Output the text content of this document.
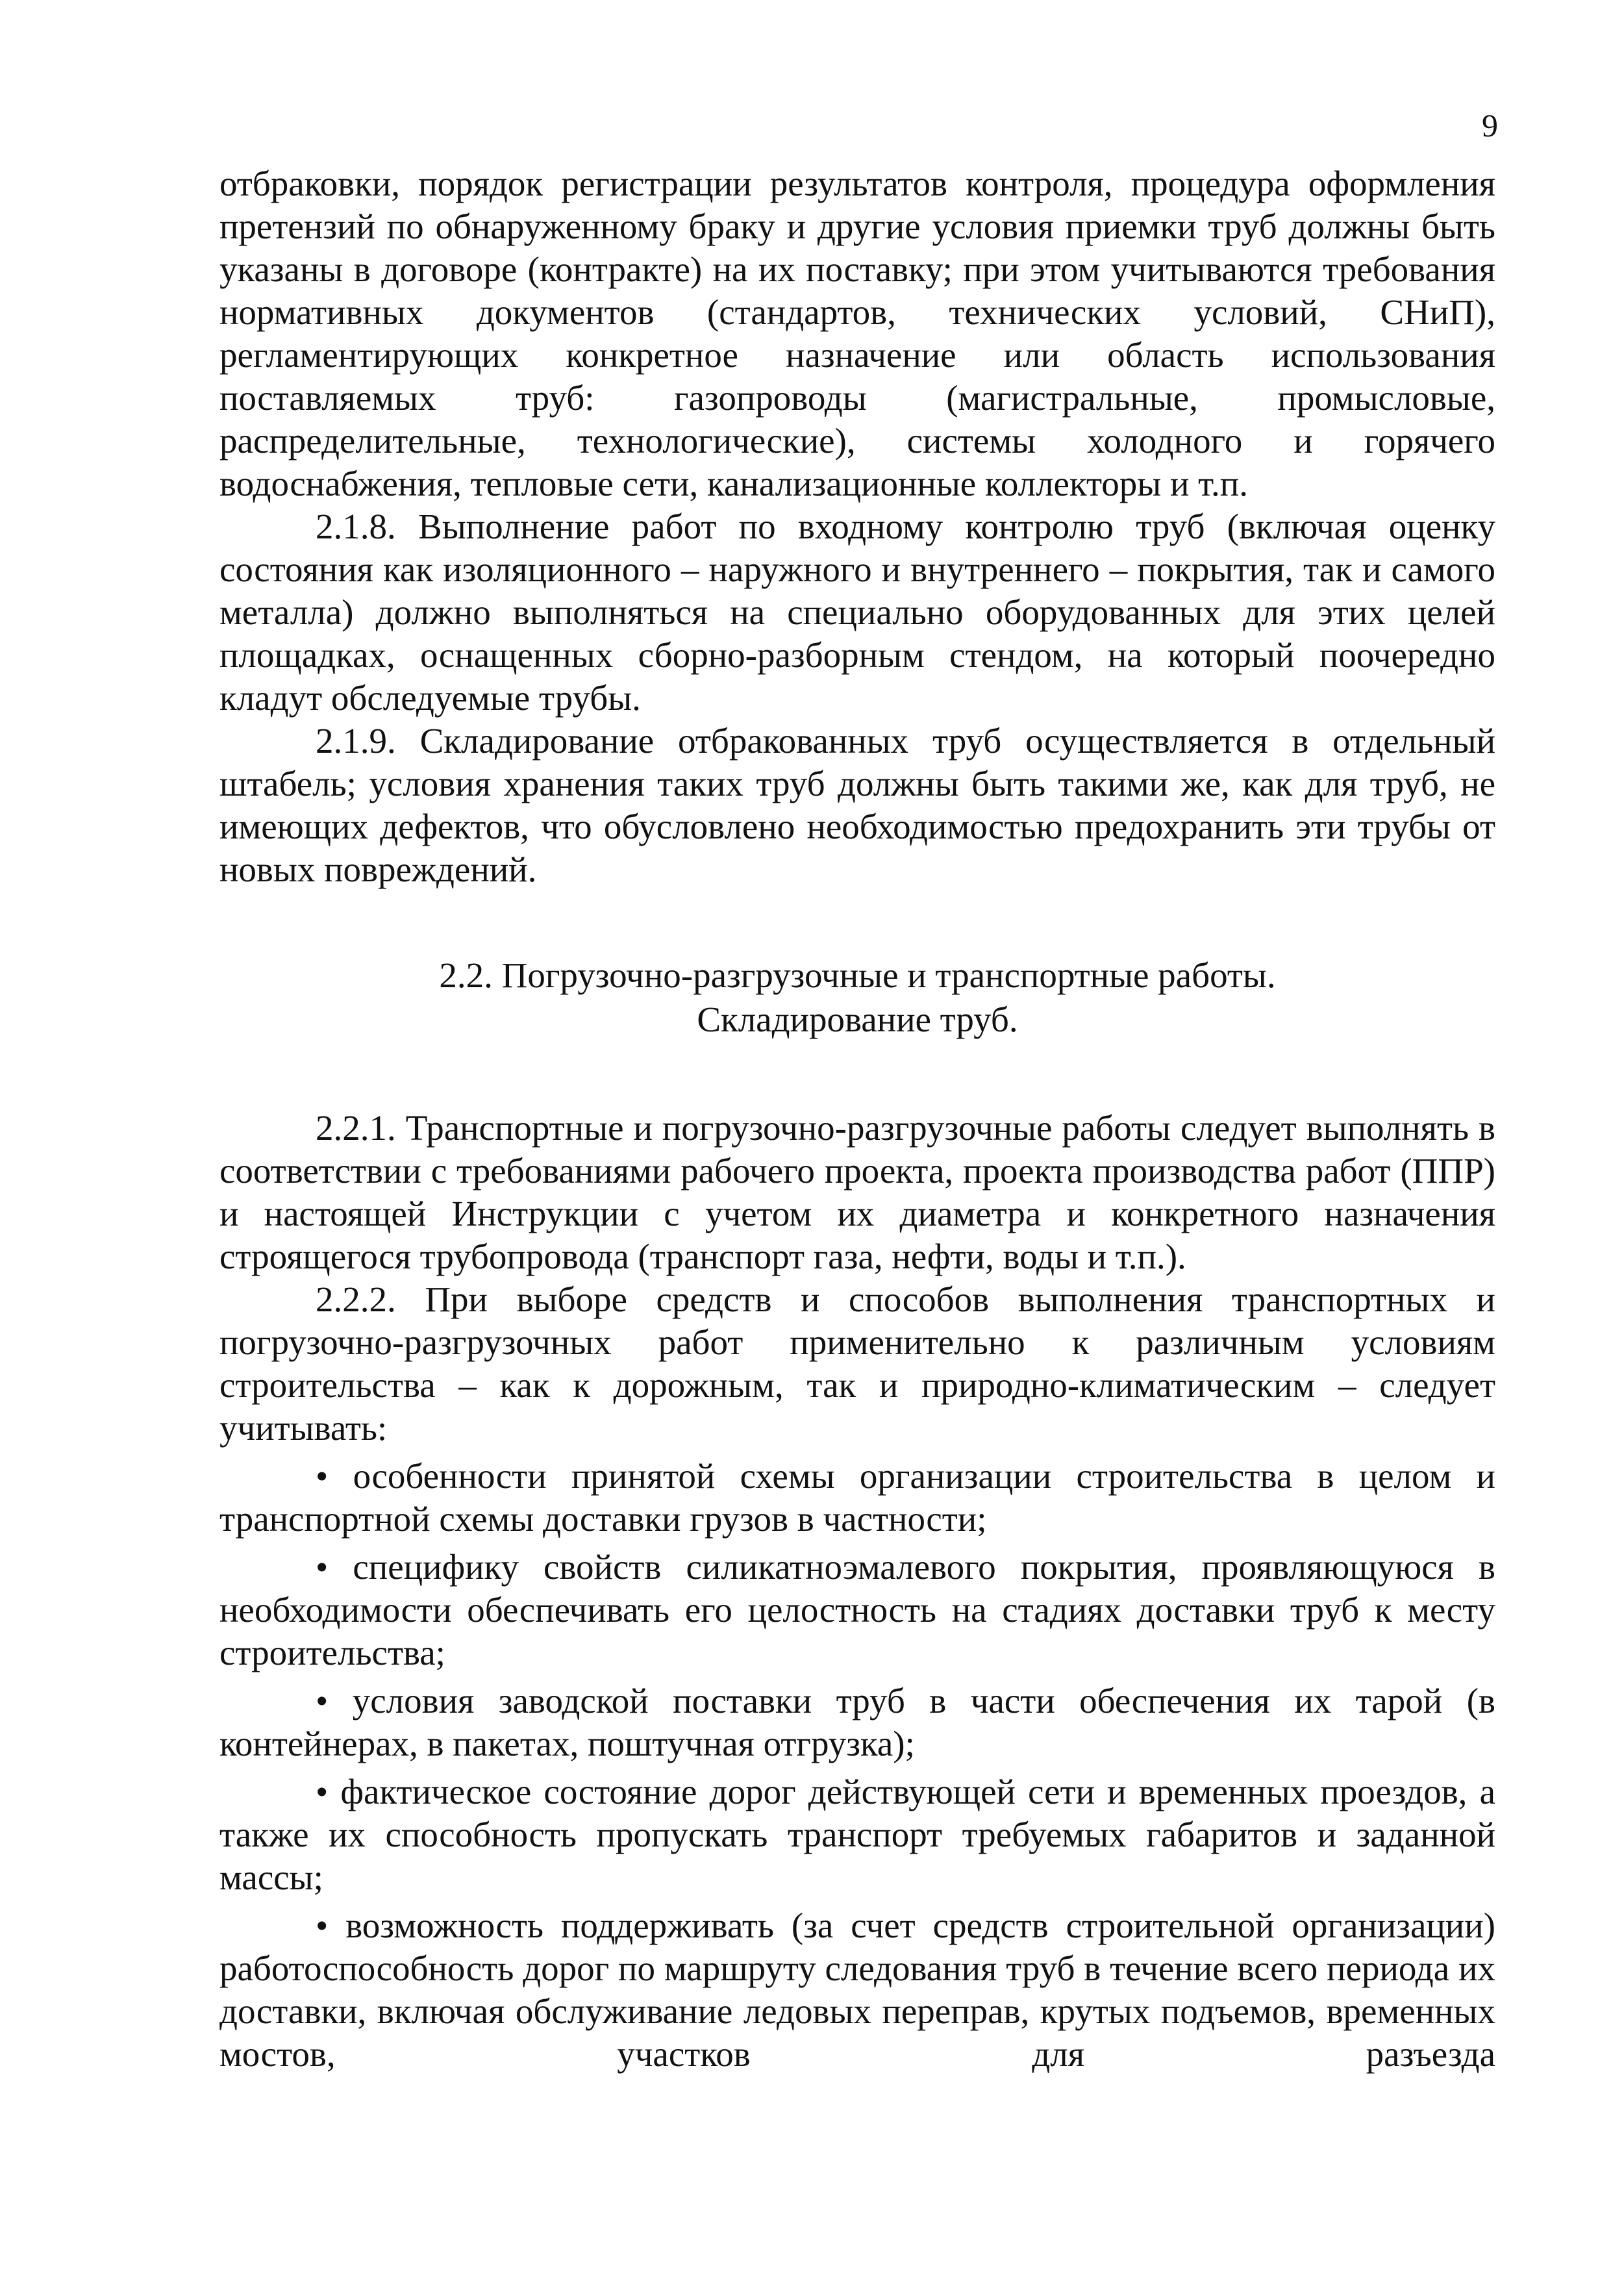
9

отбраковки, порядок регистрации результатов контроля, процедура оформления претензий по обнаруженному браку и другие условия приемки труб должны быть указаны в договоре (контракте) на их поставку; при этом учитываются требования нормативных документов (стандартов, технических условий, СНиП), регламентирующих конкретное назначение или область использования поставляемых труб: газопроводы (магистральные, промысловые, распределительные, технологические), системы холодного и горячего водоснабжения, тепловые сети, канализационные коллекторы и т.п.

2.1.8. Выполнение работ по входному контролю труб (включая оценку состояния как изоляционного – наружного и внутреннего – покрытия, так и самого металла) должно выполняться на специально оборудованных для этих целей площадках, оснащенных сборно-разборным стендом, на который поочередно кладут обследуемые трубы.

2.1.9. Складирование отбракованных труб осуществляется в отдельный штабель; условия хранения таких труб должны быть такими же, как для труб, не имеющих дефектов, что обусловлено необходимостью предохранить эти трубы от новых повреждений.

2.2. Погрузочно-разгрузочные и транспортные работы.

Складирование труб.

2.2.1. Транспортные и погрузочно-разгрузочные работы следует выполнять в соответствии с требованиями рабочего проекта, проекта производства работ (ППР) и настоящей Инструкции с учетом их диаметра и конкретного назначения строящегося трубопровода (транспорт газа, нефти, воды и т.п.).

2.2.2. При выборе средств и способов выполнения транспортных и погрузочно-разгрузочных работ применительно к различным условиям строительства – как к дорожным, так и природно-климатическим – следует учитывать:

• особенности принятой схемы организации строительства в целом и транспортной схемы доставки грузов в частности;

• специфику свойств силикатноэмалевого покрытия, проявляющуюся в необходимости обеспечивать его целостность на стадиях доставки труб к месту строительства;

• условия заводской поставки труб в части обеспечения их тарой (в контейнерах, в пакетах, поштучная отгрузка);

• фактическое состояние дорог действующей сети и временных проездов, а также их способность пропускать транспорт требуемых габаритов и заданной массы;

• возможность поддерживать (за счет средств строительной организации) работоспособность дорог по маршруту следования труб в течение всего периода их доставки, включая обслуживание ледовых переправ, крутых подъемов, временных мостов, участков для разъезда
